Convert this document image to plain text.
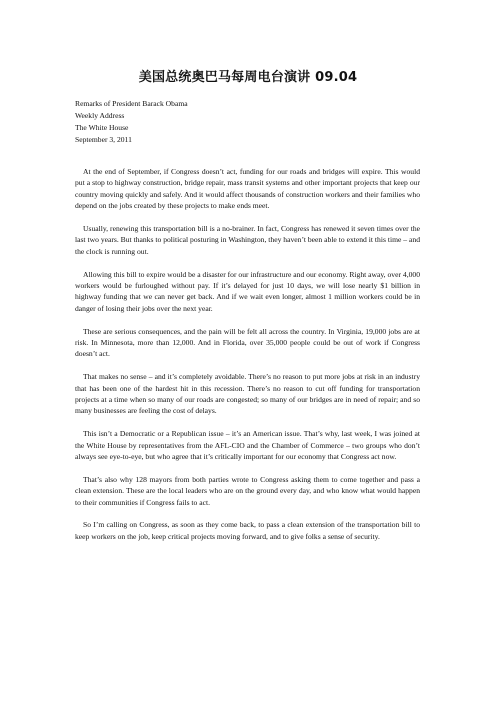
美国总统奥巴马每周电台演讲 09.04
Remarks of President Barack Obama
Weekly Address
The White House
September 3, 2011

At the end of September, if Congress doesn’t act, funding for our roads and bridges will expire. This would put a stop to highway construction, bridge repair, mass transit systems and other important projects that keep our country moving quickly and safely. And it would affect thousands of construction workers and their families who depend on the jobs created by these projects to make ends meet.

Usually, renewing this transportation bill is a no-brainer. In fact, Congress has renewed it seven times over the last two years. But thanks to political posturing in Washington, they haven’t been able to extend it this time – and the clock is running out.

Allowing this bill to expire would be a disaster for our infrastructure and our economy. Right away, over 4,000 workers would be furloughed without pay. If it’s delayed for just 10 days, we will lose nearly $1 billion in highway funding that we can never get back. And if we wait even longer, almost 1 million workers could be in danger of losing their jobs over the next year.

These are serious consequences, and the pain will be felt all across the country. In Virginia, 19,000 jobs are at risk. In Minnesota, more than 12,000. And in Florida, over 35,000 people could be out of work if Congress doesn’t act.

That makes no sense – and it’s completely avoidable. There’s no reason to put more jobs at risk in an industry that has been one of the hardest hit in this recession. There’s no reason to cut off funding for transportation projects at a time when so many of our roads are congested; so many of our bridges are in need of repair; and so many businesses are feeling the cost of delays.

This isn’t a Democratic or a Republican issue – it’s an American issue. That’s why, last week, I was joined at the White House by representatives from the AFL-CIO and the Chamber of Commerce – two groups who don’t always see eye-to-eye, but who agree that it’s critically important for our economy that Congress act now.

That’s also why 128 mayors from both parties wrote to Congress asking them to come together and pass a clean extension. These are the local leaders who are on the ground every day, and who know what would happen to their communities if Congress fails to act.

So I’m calling on Congress, as soon as they come back, to pass a clean extension of the transportation bill to keep workers on the job, keep critical projects moving forward, and to give folks a sense of security.
